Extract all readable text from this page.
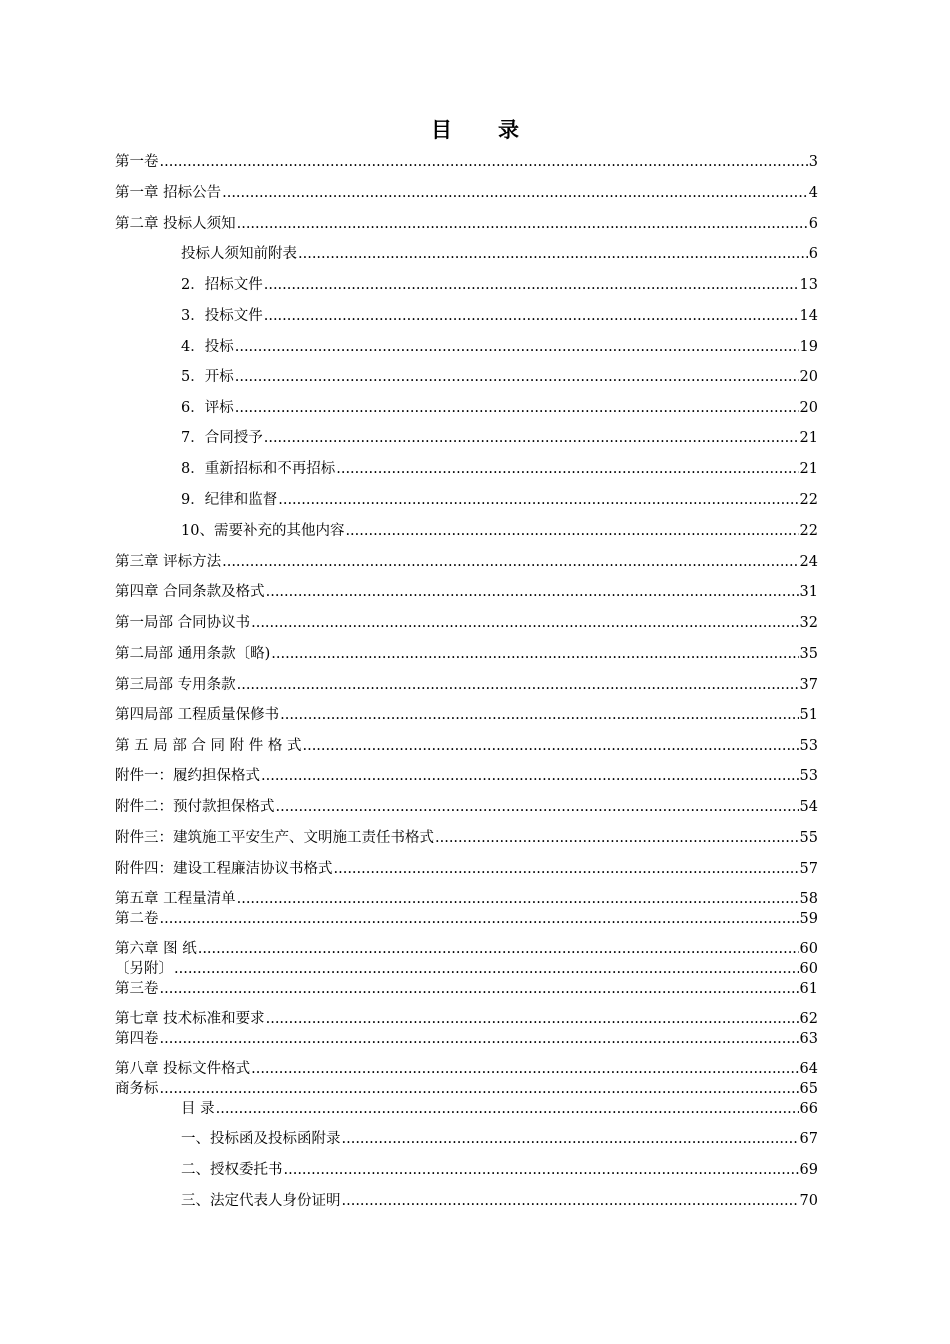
目 录
第一卷 .....	3
第一章 招标公告 .....	4
第二章 投标人须知 .....	6
投标人须知前附表 .....	6
2．招标文件 .....	13
3．投标文件 .....	14
4．投标 .....	19
5．开标 .....	20
6．评标 .....	20
7．合同授予 .....	21
8．重新招标和不再招标 .....	21
9．纪律和监督 .....	22
10、需要补充的其他内容 .....	22
第三章 评标方法 .....	24
第四章 合同条款及格式 .....	31
第一局部 合同协议书 .....	32
第二局部 通用条款〔略) .....	35
第三局部 专用条款 .....	37
第四局部 工程质量保修书 .....	51
第 五 局 部 合 同 附 件 格 式 .....	53
附件一：履约担保格式 .....	53
附件二：预付款担保格式 .....	54
附件三：建筑施工平安生产、文明施工责任书格式 .....	55
附件四：建设工程廉洁协议书格式 .....	57
第五章 工程量清单 .....	58
第二卷 .....	59
第六章 图 纸 .....	60
〔另附〕 .....	60
第三卷 .....	61
第七章 技术标准和要求 .....	62
第四卷 .....	63
第八章 投标文件格式 .....	64
商务标 .....	65
目 录 .....	66
一、投标函及投标函附录 .....	67
二、授权委托书 .....	69
三、法定代表人身份证明 .....	70
